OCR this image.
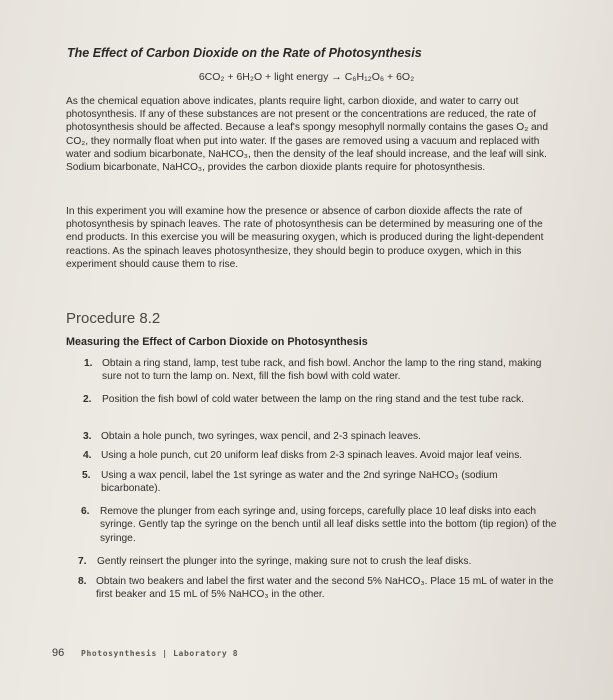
The Effect of Carbon Dioxide on the Rate of Photosynthesis
6CO₂ + 6H₂O + light energy → C₆H₁₂O₆ + 6O₂
As the chemical equation above indicates, plants require light, carbon dioxide, and water to carry out photosynthesis. If any of these substances are not present or the concentrations are reduced, the rate of photosynthesis should be affected. Because a leaf's spongy mesophyll normally contains the gases O₂ and CO₂, they normally float when put into water. If the gases are removed using a vacuum and replaced with water and sodium bicarbonate, NaHCO₃, then the density of the leaf should increase, and the leaf will sink. Sodium bicarbonate, NaHCO₃, provides the carbon dioxide plants require for photosynthesis.
In this experiment you will examine how the presence or absence of carbon dioxide affects the rate of photosynthesis by spinach leaves. The rate of photosynthesis can be determined by measuring one of the end products. In this exercise you will be measuring oxygen, which is produced during the light-dependent reactions. As the spinach leaves photosynthesize, they should begin to produce oxygen, which in this experiment should cause them to rise.
Procedure 8.2
Measuring the Effect of Carbon Dioxide on Photosynthesis
1. Obtain a ring stand, lamp, test tube rack, and fish bowl. Anchor the lamp to the ring stand, making sure not to turn the lamp on. Next, fill the fish bowl with cold water.
2. Position the fish bowl of cold water between the lamp on the ring stand and the test tube rack.
3. Obtain a hole punch, two syringes, wax pencil, and 2-3 spinach leaves.
4. Using a hole punch, cut 20 uniform leaf disks from 2-3 spinach leaves. Avoid major leaf veins.
5. Using a wax pencil, label the 1st syringe as water and the 2nd syringe NaHCO₃ (sodium bicarbonate).
6. Remove the plunger from each syringe and, using forceps, carefully place 10 leaf disks into each syringe. Gently tap the syringe on the bench until all leaf disks settle into the bottom (tip region) of the syringe.
7. Gently reinsert the plunger into the syringe, making sure not to crush the leaf disks.
8. Obtain two beakers and label the first water and the second 5% NaHCO₃. Place 15 mL of water in the first beaker and 15 mL of 5% NaHCO₃ in the other.
96 Photosynthesis | Laboratory 8
